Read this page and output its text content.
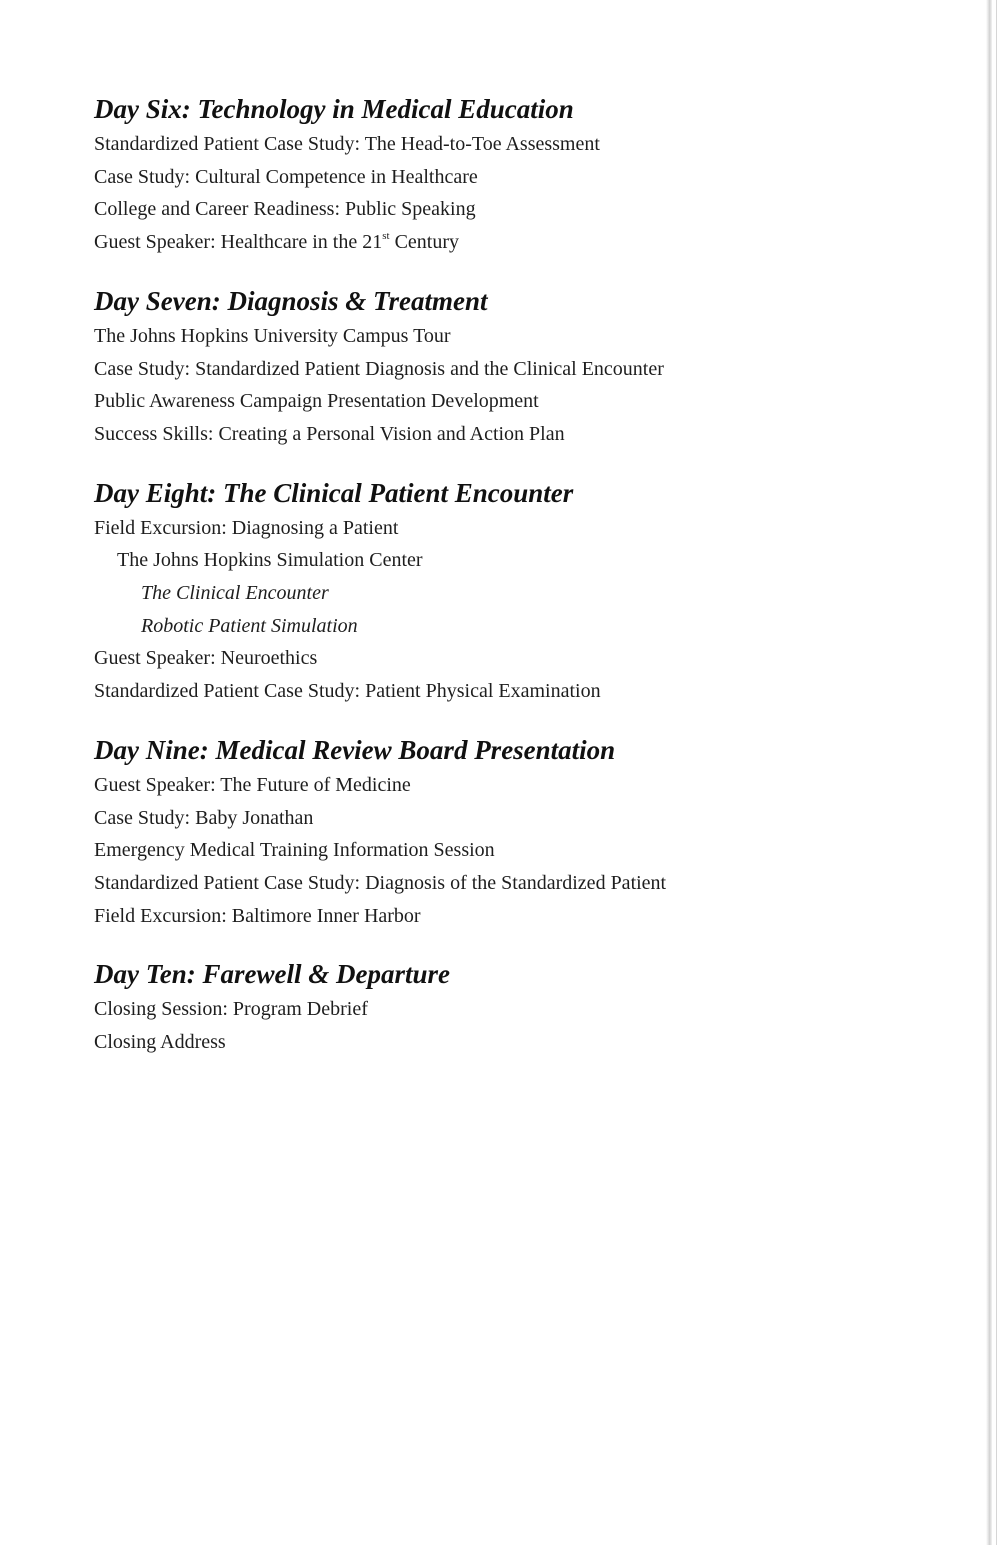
Day Six: Technology in Medical Education
Standardized Patient Case Study: The Head-to-Toe Assessment
Case Study: Cultural Competence in Healthcare
College and Career Readiness: Public Speaking
Guest Speaker: Healthcare in the 21st Century
Day Seven: Diagnosis & Treatment
The Johns Hopkins University Campus Tour
Case Study: Standardized Patient Diagnosis and the Clinical Encounter
Public Awareness Campaign Presentation Development
Success Skills: Creating a Personal Vision and Action Plan
Day Eight: The Clinical Patient Encounter
Field Excursion: Diagnosing a Patient
The Johns Hopkins Simulation Center
The Clinical Encounter
Robotic Patient Simulation
Guest Speaker: Neuroethics
Standardized Patient Case Study: Patient Physical Examination
Day Nine: Medical Review Board Presentation
Guest Speaker: The Future of Medicine
Case Study: Baby Jonathan
Emergency Medical Training Information Session
Standardized Patient Case Study: Diagnosis of the Standardized Patient
Field Excursion: Baltimore Inner Harbor
Day Ten: Farewell & Departure
Closing Session: Program Debrief
Closing Address
